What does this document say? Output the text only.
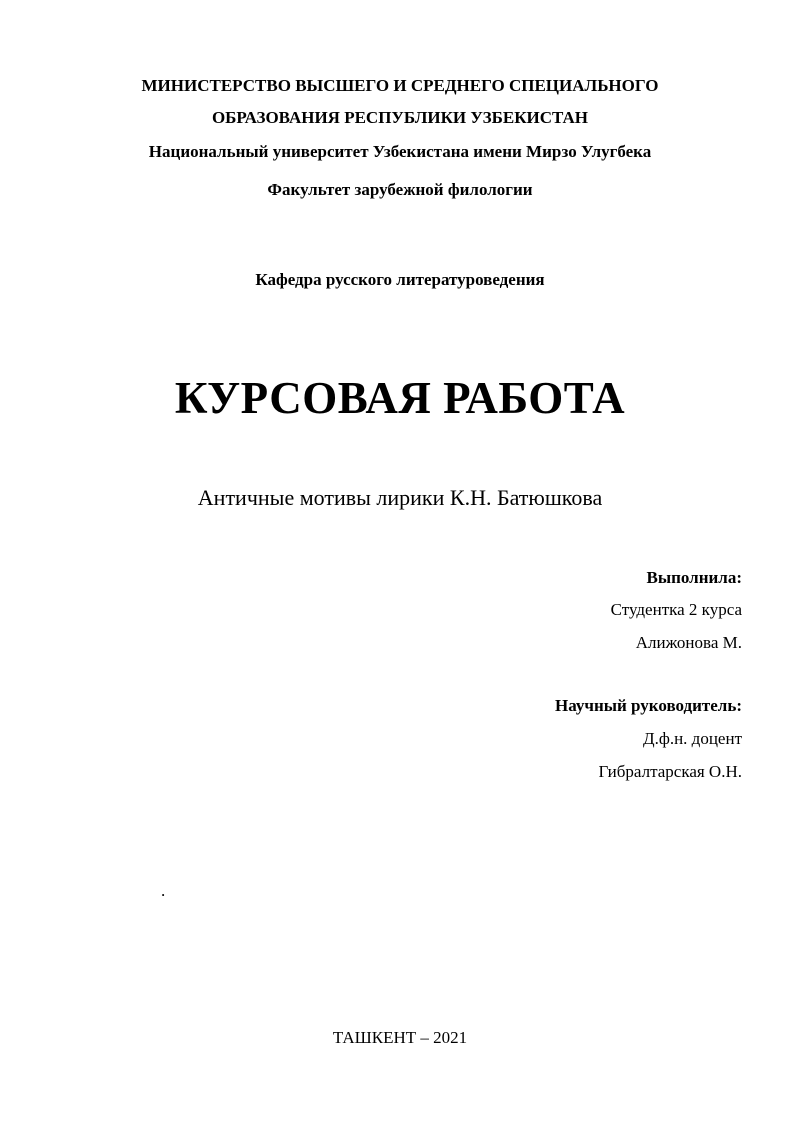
МИНИСТЕРСТВО ВЫСШЕГО И СРЕДНЕГО СПЕЦИАЛЬНОГО
ОБРАЗОВАНИЯ РЕСПУБЛИКИ УЗБЕКИСТАН
Национальный университет Узбекистана имени Мирзо Улугбека
Факультет зарубежной филологии
Кафедра русского литературоведения
КУРСОВАЯ РАБОТА
Античные мотивы лирики К.Н. Батюшкова
Выполнила:
Студентка 2 курса
Алижонова М.
Научный руководитель:
Д.ф.н. доцент
Гибралтарская О.Н.
.
ТАШКЕНТ – 2021
